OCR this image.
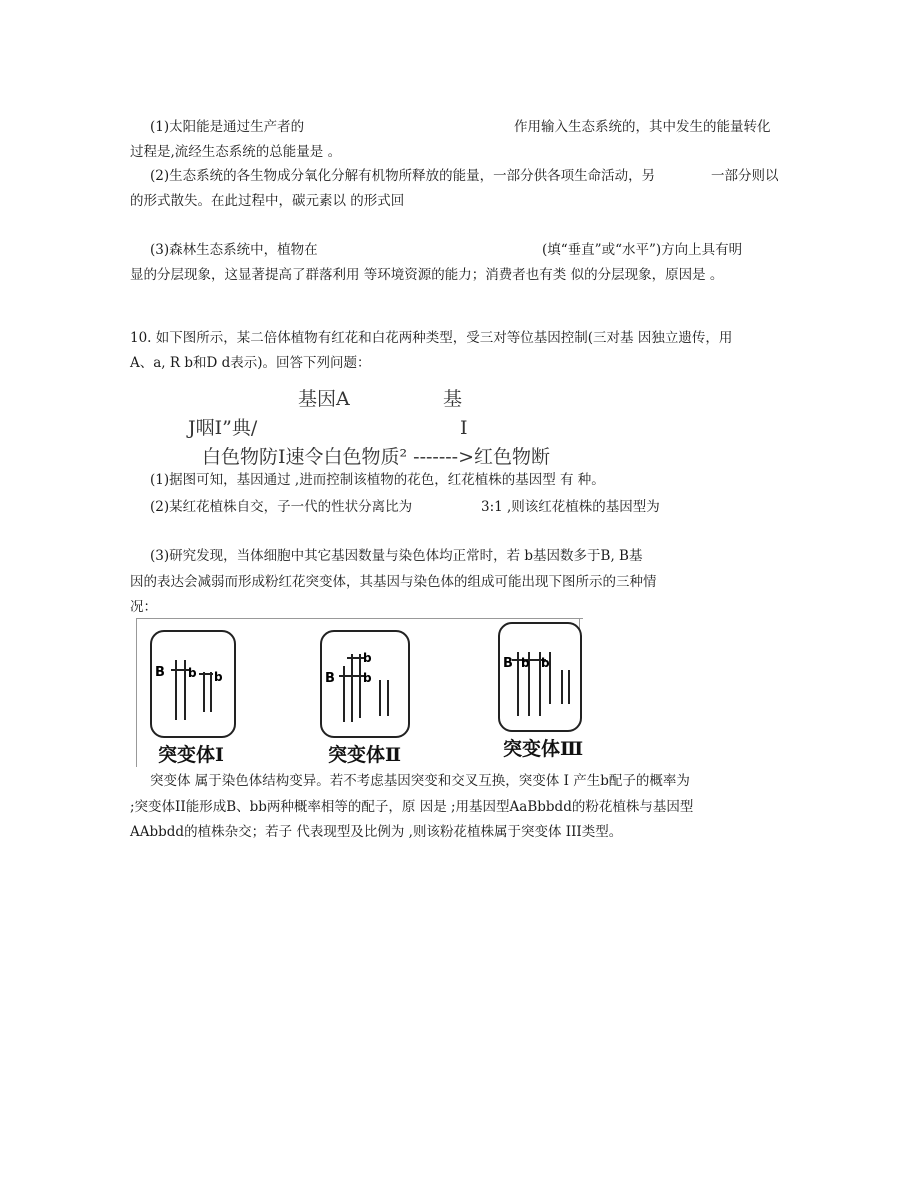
(1)太阳能是通过生产者的	作用输入生态系统的，其中发生的能量转化
过程是,流经生态系统的总能量是 。
(2)生态系统的各生物成分氧化分解有机物所释放的能量，一部分供各项生命活动，另	一部分则以
的形式散失。在此过程中，碳元素以 的形式回
(3)森林生态系统中，植物在	(填“垂直”或“水平”)方向上具有明
显的分层现象，这显著提高了群落利用 等环境资源的能力；消费者也有类 似的分层现象，原因是 。
10. 如下图所示，某二倍体植物有红花和白花两种类型，受三对等位基因控制(三对基 因独立遗传，用
A、a, R b和D d表示)。回答下列问题：
基因A	基
J咽I”典/	I
白色物防I速令白色物质² ------->红色物断
(1)据图可知，基因通过 ,进而控制该植物的花色，红花植株的基因型 有 种。
(2)某红花植株自交，子一代的性状分离比为	3:1 ,则该红花植株的基因型为
(3)研究发现，当体细胞中其它基因数量与染色体均正常时，若 b基因数多于B, B基
因的表达会减弱而形成粉红花突变体，其基因与染色体的组成可能出现下图所示的三种情
况：
B b b
b
B b
B b b
突变体Ⅰ	突变体Ⅱ	突变体Ⅲ
突变体 属于染色体结构变异。若不考虑基因突变和交叉互换，突变体 I 产生b配子的概率为
;突变体II能形成B、bb两种概率相等的配子，原 因是 ;用基因型AaBbbdd的粉花植株与基因型
AAbbdd的植株杂交；若子 代表现型及比例为 ,则该粉花植株属于突变体 III类型。
